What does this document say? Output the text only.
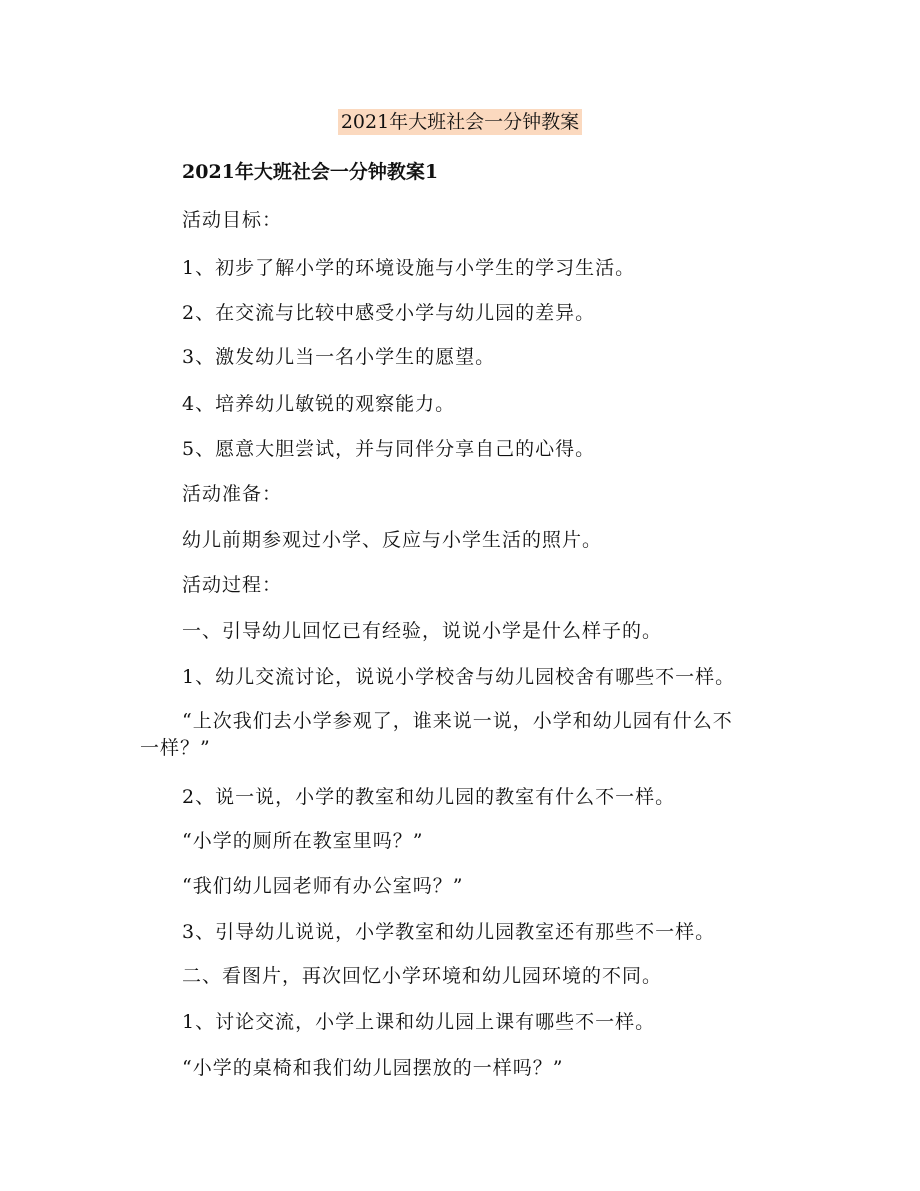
2021年大班社会一分钟教案
2021年大班社会一分钟教案1
活动目标：
1、初步了解小学的环境设施与小学生的学习生活。
2、在交流与比较中感受小学与幼儿园的差异。
3、激发幼儿当一名小学生的愿望。
4、培养幼儿敏锐的观察能力。
5、愿意大胆尝试，并与同伴分享自己的心得。
活动准备：
幼儿前期参观过小学、反应与小学生活的照片。
活动过程：
一、引导幼儿回忆已有经验，说说小学是什么样子的。
1、幼儿交流讨论，说说小学校舍与幼儿园校舍有哪些不一样。
“上次我们去小学参观了，谁来说一说，小学和幼儿园有什么不
一样？”
2、说一说，小学的教室和幼儿园的教室有什么不一样。
“小学的厕所在教室里吗？”
“我们幼儿园老师有办公室吗？”
3、引导幼儿说说，小学教室和幼儿园教室还有那些不一样。
二、看图片，再次回忆小学环境和幼儿园环境的不同。
1、讨论交流，小学上课和幼儿园上课有哪些不一样。
“小学的桌椅和我们幼儿园摆放的一样吗？”
